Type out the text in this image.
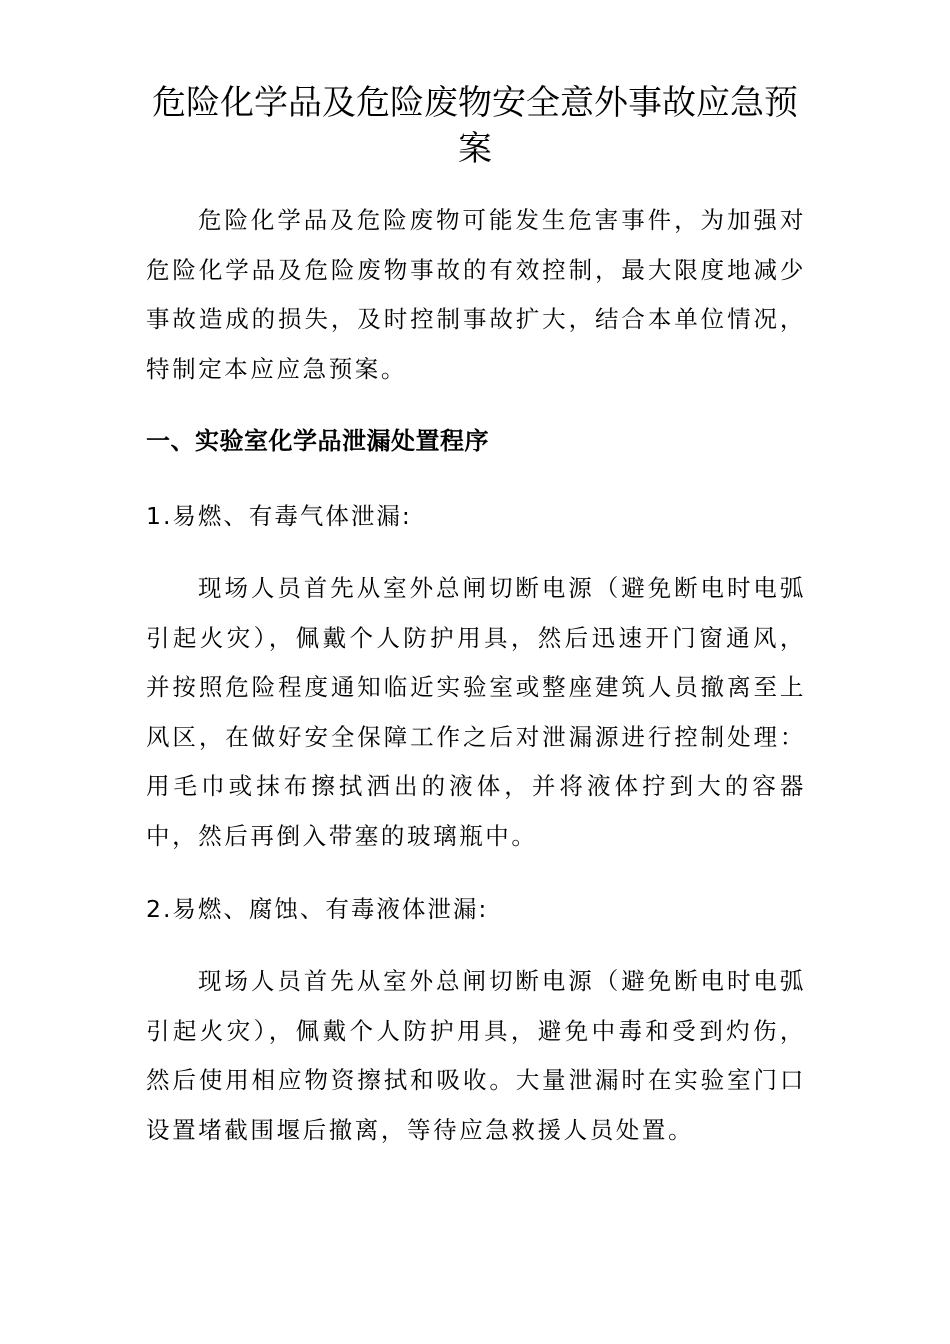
危险化学品及危险废物安全意外事故应急预案

危险化学品及危险废物可能发生危害事件，为加强对危险化学品及危险废物事故的有效控制，最大限度地减少事故造成的损失，及时控制事故扩大，结合本单位情况，特制定本应应急预案。

一、实验室化学品泄漏处置程序

1.易燃、有毒气体泄漏:

现场人员首先从室外总闸切断电源（避免断电时电弧引起火灾），佩戴个人防护用具，然后迅速开门窗通风，并按照危险程度通知临近实验室或整座建筑人员撤离至上风区，在做好安全保障工作之后对泄漏源进行控制处理：用毛巾或抹布擦拭洒出的液体，并将液体拧到大的容器中，然后再倒入带塞的玻璃瓶中。

2.易燃、腐蚀、有毒液体泄漏:

现场人员首先从室外总闸切断电源（避免断电时电弧引起火灾），佩戴个人防护用具，避免中毒和受到灼伤，然后使用相应物资擦拭和吸收。大量泄漏时在实验室门口设置堵截围堰后撤离，等待应急救援人员处置。
